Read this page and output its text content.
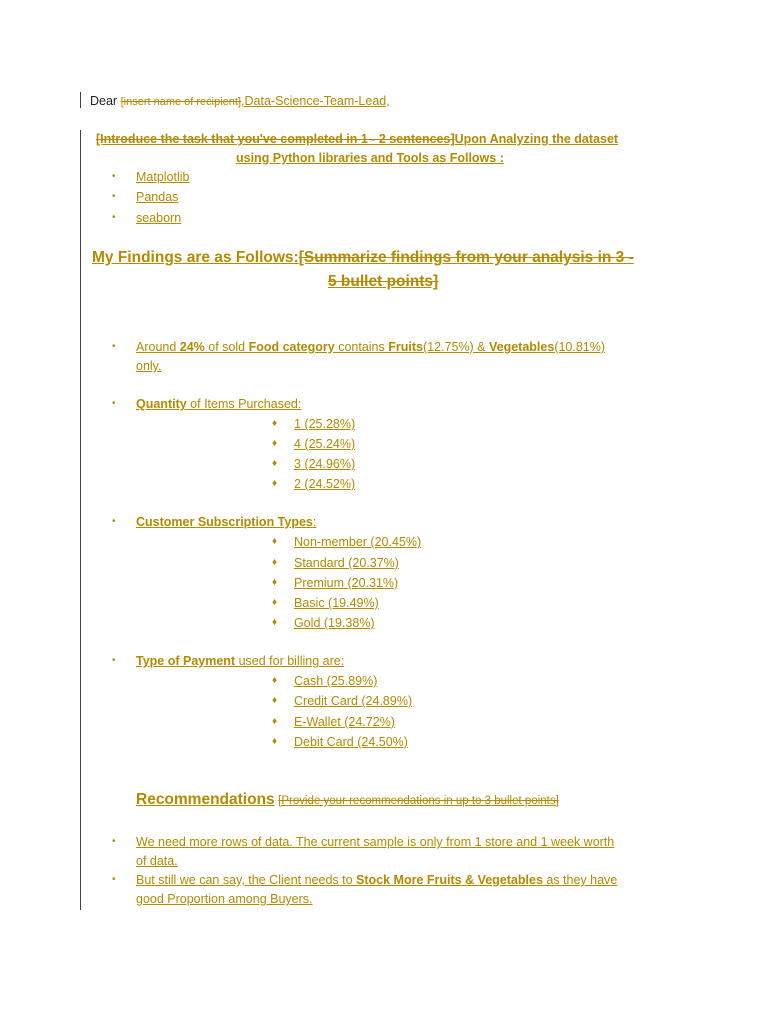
Dear [insert name of recipient],Data-Science-Team-Lead,
[Introduce the task that you've completed in 1 - 2 sentences]Upon Analyzing the dataset
using Python libraries and Tools as Follows :
• Matplotlib
• Pandas
• seaborn
My Findings are as Follows:[Summarize findings from your analysis in 3 -
5 bullet points]
• Around 24% of sold Food category contains Fruits(12.75%) & Vegetables(10.81%)
only.
• Quantity of Items Purchased:
♦ 1 (25.28%)
♦ 4 (25.24%)
♦ 3 (24.96%)
♦ 2 (24.52%)
• Customer Subscription Types:
♦ Non-member (20.45%)
♦ Standard (20.37%)
♦ Premium (20.31%)
♦ Basic (19.49%)
♦ Gold (19.38%)
• Type of Payment used for billing are:
♦ Cash (25.89%)
♦ Credit Card (24.89%)
♦ E-Wallet (24.72%)
♦ Debit Card (24.50%)
Recommendations [Provide your recommendations in up to 3 bullet points]
• We need more rows of data. The current sample is only from 1 store and 1 week worth
of data.
• But still we can say, the Client needs to Stock More Fruits & Vegetables as they have
good Proportion among Buyers.
